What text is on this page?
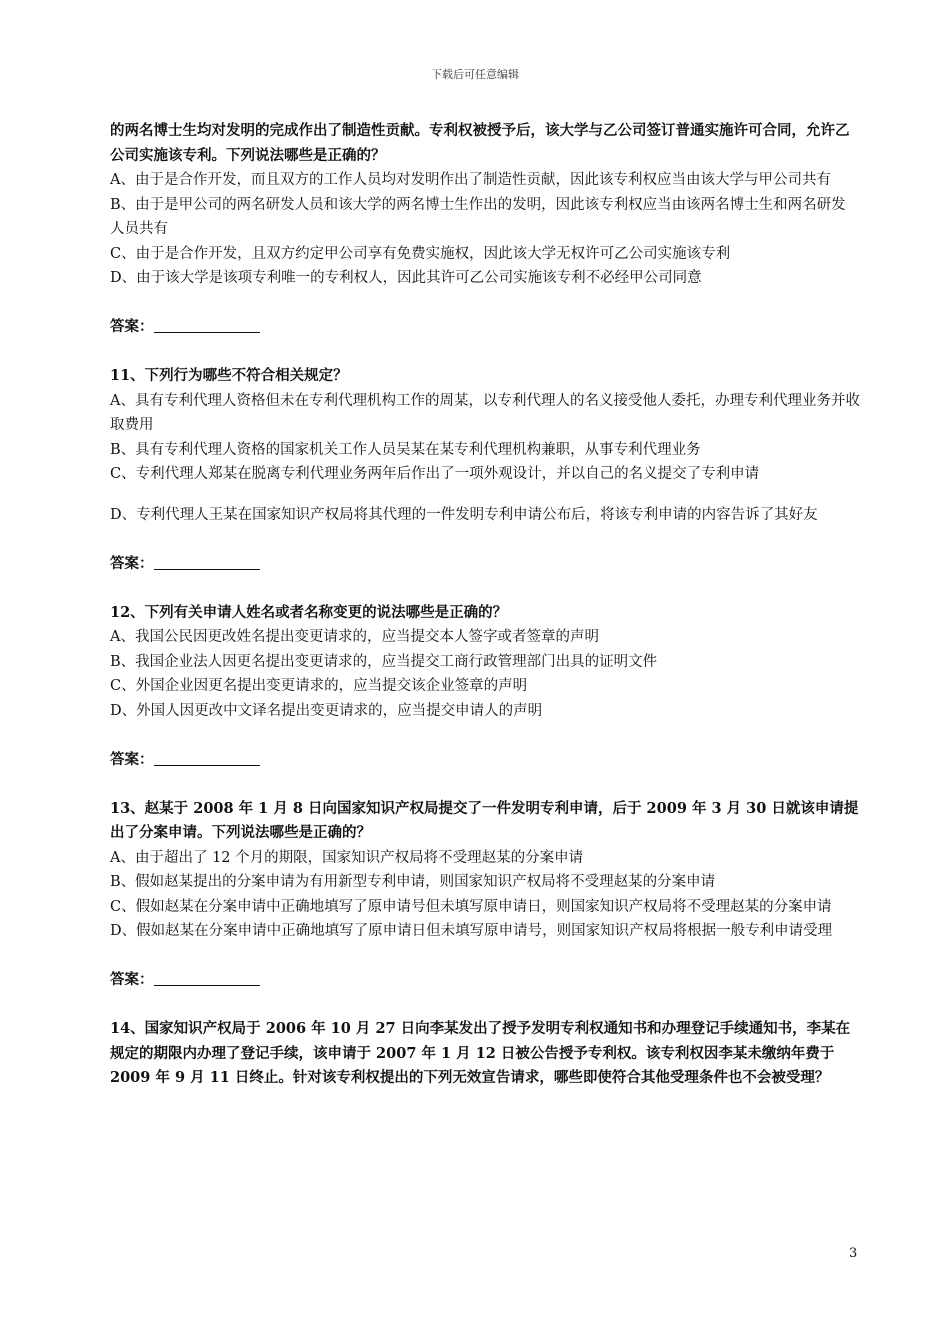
下载后可任意编辑

的两名博士生均对发明的完成作出了制造性贡献。专利权被授予后，该大学与乙公司签订普通实施许可合同，允许乙公司实施该专利。下列说法哪些是正确的？

A、由于是合作开发，而且双方的工作人员均对发明作出了制造性贡献，因此该专利权应当由该大学与甲公司共有

B、由于是甲公司的两名研发人员和该大学的两名博士生作出的发明，因此该专利权应当由该两名博士生和两名研发人员共有

C、由于是合作开发，且双方约定甲公司享有免费实施权，因此该大学无权许可乙公司实施该专利

D、由于该大学是该项专利唯一的专利权人，因此其许可乙公司实施该专利不必经甲公司同意

答案：

11、下列行为哪些不符合相关规定？

A、具有专利代理人资格但未在专利代理机构工作的周某，以专利代理人的名义接受他人委托，办理专利代理业务并收取费用

B、具有专利代理人资格的国家机关工作人员吴某在某专利代理机构兼职，从事专利代理业务

C、专利代理人郑某在脱离专利代理业务两年后作出了一项外观设计，并以自己的名义提交了专利申请

D、专利代理人王某在国家知识产权局将其代理的一件发明专利申请公布后，将该专利申请的内容告诉了其好友

答案：

12、下列有关申请人姓名或者名称变更的说法哪些是正确的？

A、我国公民因更改姓名提出变更请求的，应当提交本人签字或者签章的声明

B、我国企业法人因更名提出变更请求的，应当提交工商行政管理部门出具的证明文件

C、外国企业因更名提出变更请求的，应当提交该企业签章的声明

D、外国人因更改中文译名提出变更请求的，应当提交申请人的声明

答案：

13、赵某于 2008 年 1 月 8 日向国家知识产权局提交了一件发明专利申请，后于 2009 年 3 月 30 日就该申请提出了分案申请。下列说法哪些是正确的？

A、由于超出了 12 个月的期限，国家知识产权局将不受理赵某的分案申请

B、假如赵某提出的分案申请为有用新型专利申请，则国家知识产权局将不受理赵某的分案申请

C、假如赵某在分案申请中正确地填写了原申请号但未填写原申请日，则国家知识产权局将不受理赵某的分案申请

D、假如赵某在分案申请中正确地填写了原申请日但未填写原申请号，则国家知识产权局将根据一般专利申请受理

答案：

14、国家知识产权局于 2006 年 10 月 27 日向李某发出了授予发明专利权通知书和办理登记手续通知书，李某在规定的期限内办理了登记手续，该申请于 2007 年 1 月 12 日被公告授予专利权。该专利权因李某未缴纳年费于 2009 年 9 月 11 日终止。针对该专利权提出的下列无效宣告请求，哪些即使符合其他受理条件也不会被受理？

3
